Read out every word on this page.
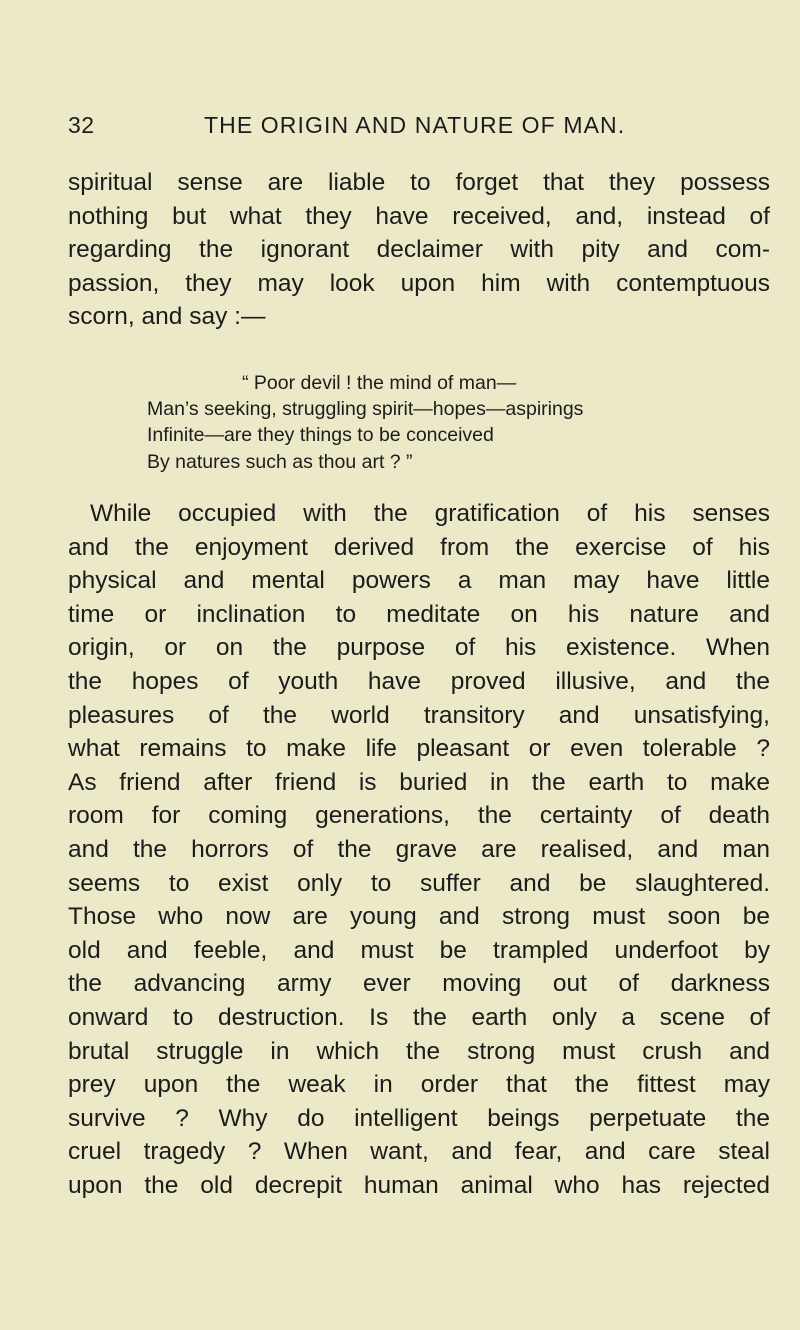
32	THE ORIGIN AND NATURE OF MAN.
spiritual sense are liable to forget that they possess
nothing but what they have received, and, instead of
regarding the ignorant declaimer with pity and com-
passion, they may look upon him with contemptuous
scorn, and say :—
“ Poor devil ! the mind of man—
Man’s seeking, struggling spirit—hopes—aspirings
Infinite—are they things to be conceived
By natures such as thou art ? ”
While occupied with the gratification of his senses
and the enjoyment derived from the exercise of his
physical and mental powers a man may have little
time or inclination to meditate on his nature and
origin, or on the purpose of his existence. When
the hopes of youth have proved illusive, and the
pleasures of the world transitory and unsatisfying,
what remains to make life pleasant or even tolerable ?
As friend after friend is buried in the earth to make
room for coming generations, the certainty of death
and the horrors of the grave are realised, and man
seems to exist only to suffer and be slaughtered.
Those who now are young and strong must soon be
old and feeble, and must be trampled underfoot by
the advancing army ever moving out of darkness
onward to destruction. Is the earth only a scene of
brutal struggle in which the strong must crush and
prey upon the weak in order that the fittest may
survive ? Why do intelligent beings perpetuate the
cruel tragedy ? When want, and fear, and care steal
upon the old decrepit human animal who has rejected
